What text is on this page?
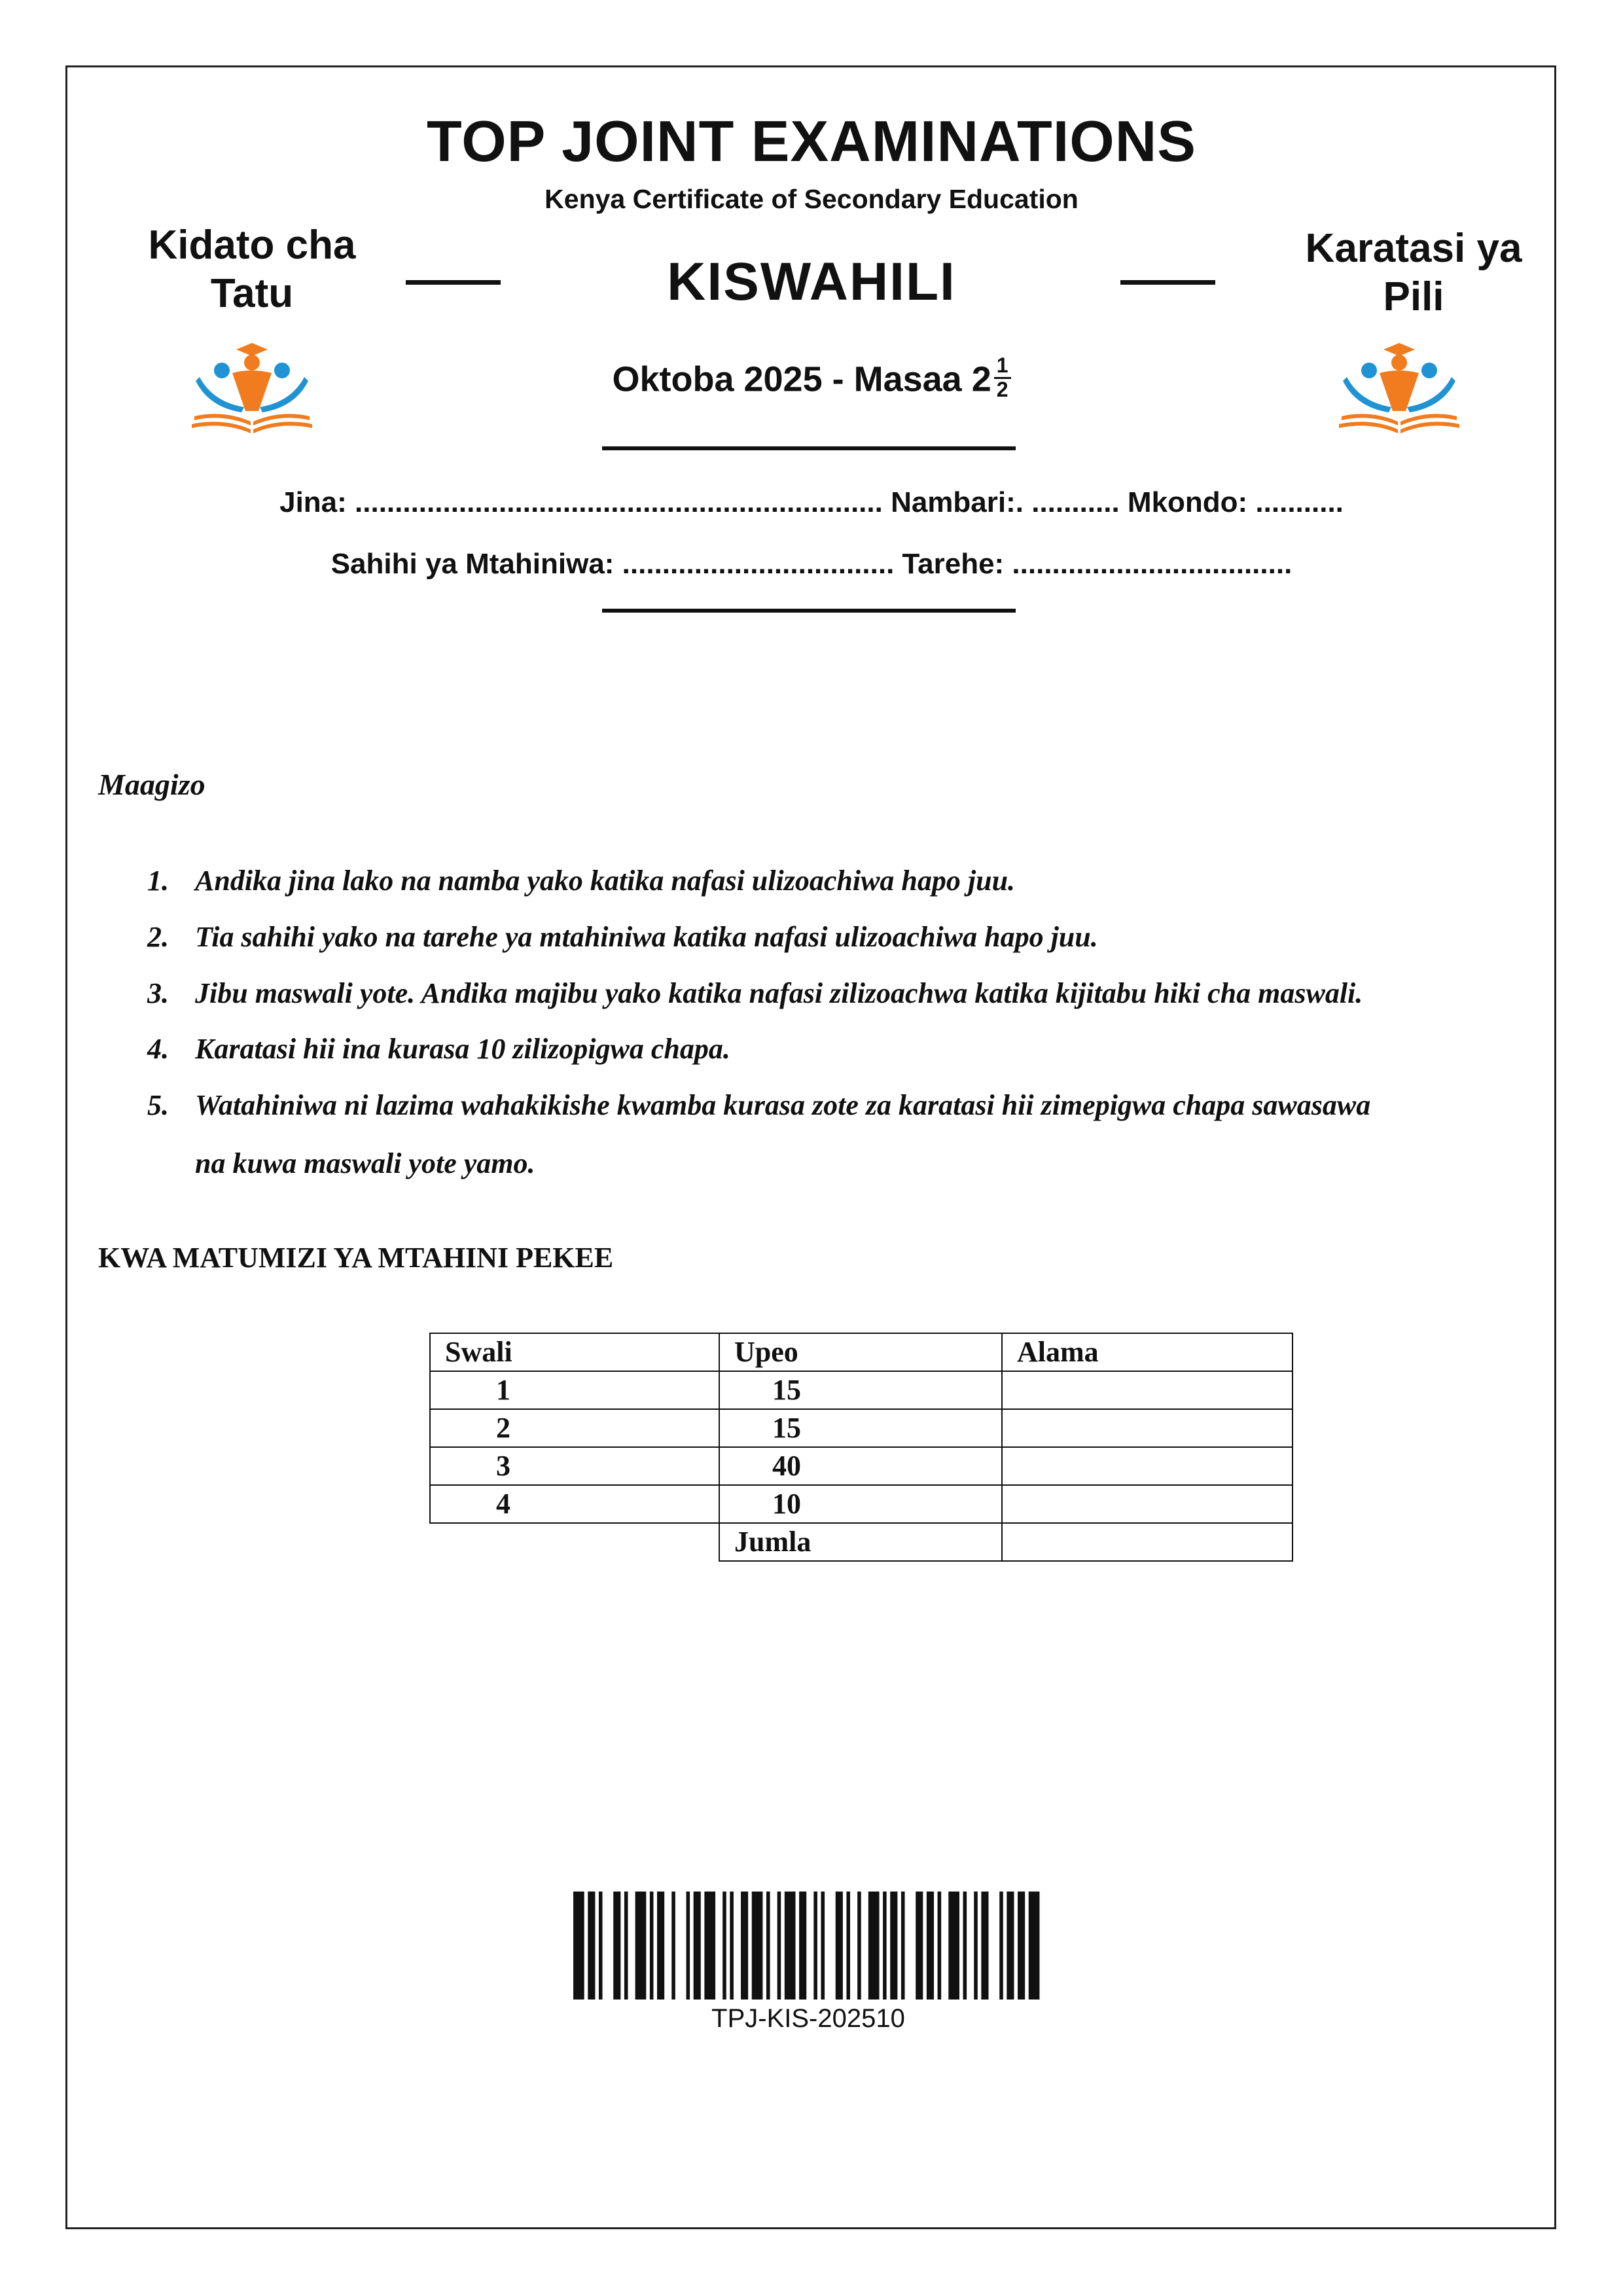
TOP JOINT EXAMINATIONS
Kenya Certificate of Secondary Education
Kidato cha
Tatu	KISWAHILI
Karatasi ya
Pili
Oktoba 2025 - Masaa $2 \frac{1}{2}$
Jina: .................................................................. Nambari:. ........... Mkondo: ...........
Sahihi ya Mtahiniwa: .................................. Tarehe: ...................................
Maagizo
1. Andika jina lako na namba yako katika nafasi ulizoachiwa hapo juu.
2. Tia sahihi yako na tarehe ya mtahiniwa katika nafasi ulizoachiwa hapo juu.
3. Jibu maswali yote. Andika majibu yako katika nafasi zilizoachwa katika kijitabu hiki cha maswali.
4. Karatasi hii ina kurasa 10 zilizopigwa chapa.
5. Watahiniwa ni lazima wahakikishe kwamba kurasa zote za karatasi hii zimepigwa chapa sawasawa
na kuwa maswali yote yamo.
KWA MATUMIZI YA MTAHINI PEKEE
Swali	Upeo	Alama
1	15	
2	15	
3	40	
4	10	
	Jumla	
TPJ-KIS-202510
